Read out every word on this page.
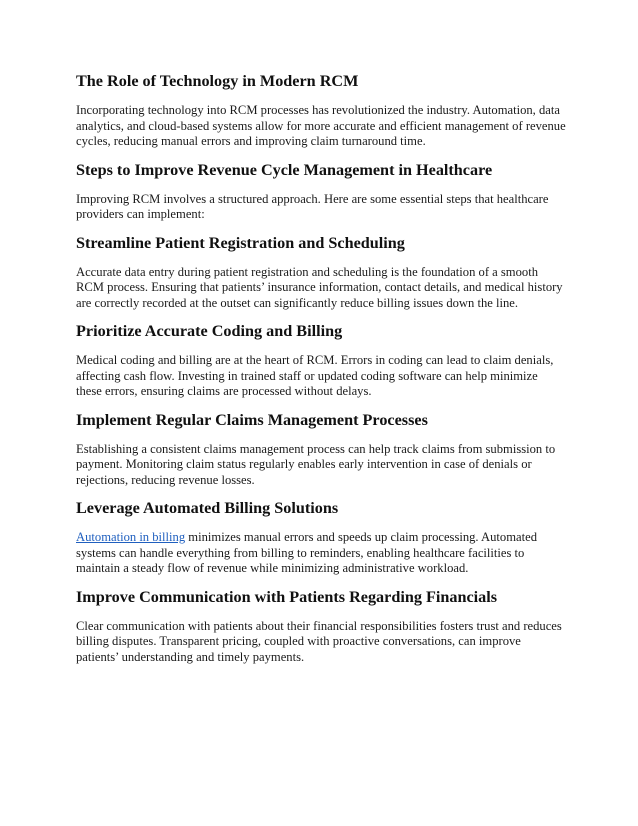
The Role of Technology in Modern RCM

Incorporating technology into RCM processes has revolutionized the industry. Automation, data
analytics, and cloud-based systems allow for more accurate and efficient management of revenue
cycles, reducing manual errors and improving claim turnaround time.

Steps to Improve Revenue Cycle Management in Healthcare

Improving RCM involves a structured approach. Here are some essential steps that healthcare
providers can implement:

Streamline Patient Registration and Scheduling

Accurate data entry during patient registration and scheduling is the foundation of a smooth
RCM process. Ensuring that patients’ insurance information, contact details, and medical history
are correctly recorded at the outset can significantly reduce billing issues down the line.

Prioritize Accurate Coding and Billing

Medical coding and billing are at the heart of RCM. Errors in coding can lead to claim denials,
affecting cash flow. Investing in trained staff or updated coding software can help minimize
these errors, ensuring claims are processed without delays.

Implement Regular Claims Management Processes

Establishing a consistent claims management process can help track claims from submission to
payment. Monitoring claim status regularly enables early intervention in case of denials or
rejections, reducing revenue losses.

Leverage Automated Billing Solutions

Automation in billing minimizes manual errors and speeds up claim processing. Automated
systems can handle everything from billing to reminders, enabling healthcare facilities to
maintain a steady flow of revenue while minimizing administrative workload.

Improve Communication with Patients Regarding Financials

Clear communication with patients about their financial responsibilities fosters trust and reduces
billing disputes. Transparent pricing, coupled with proactive conversations, can improve
patients’ understanding and timely payments.
